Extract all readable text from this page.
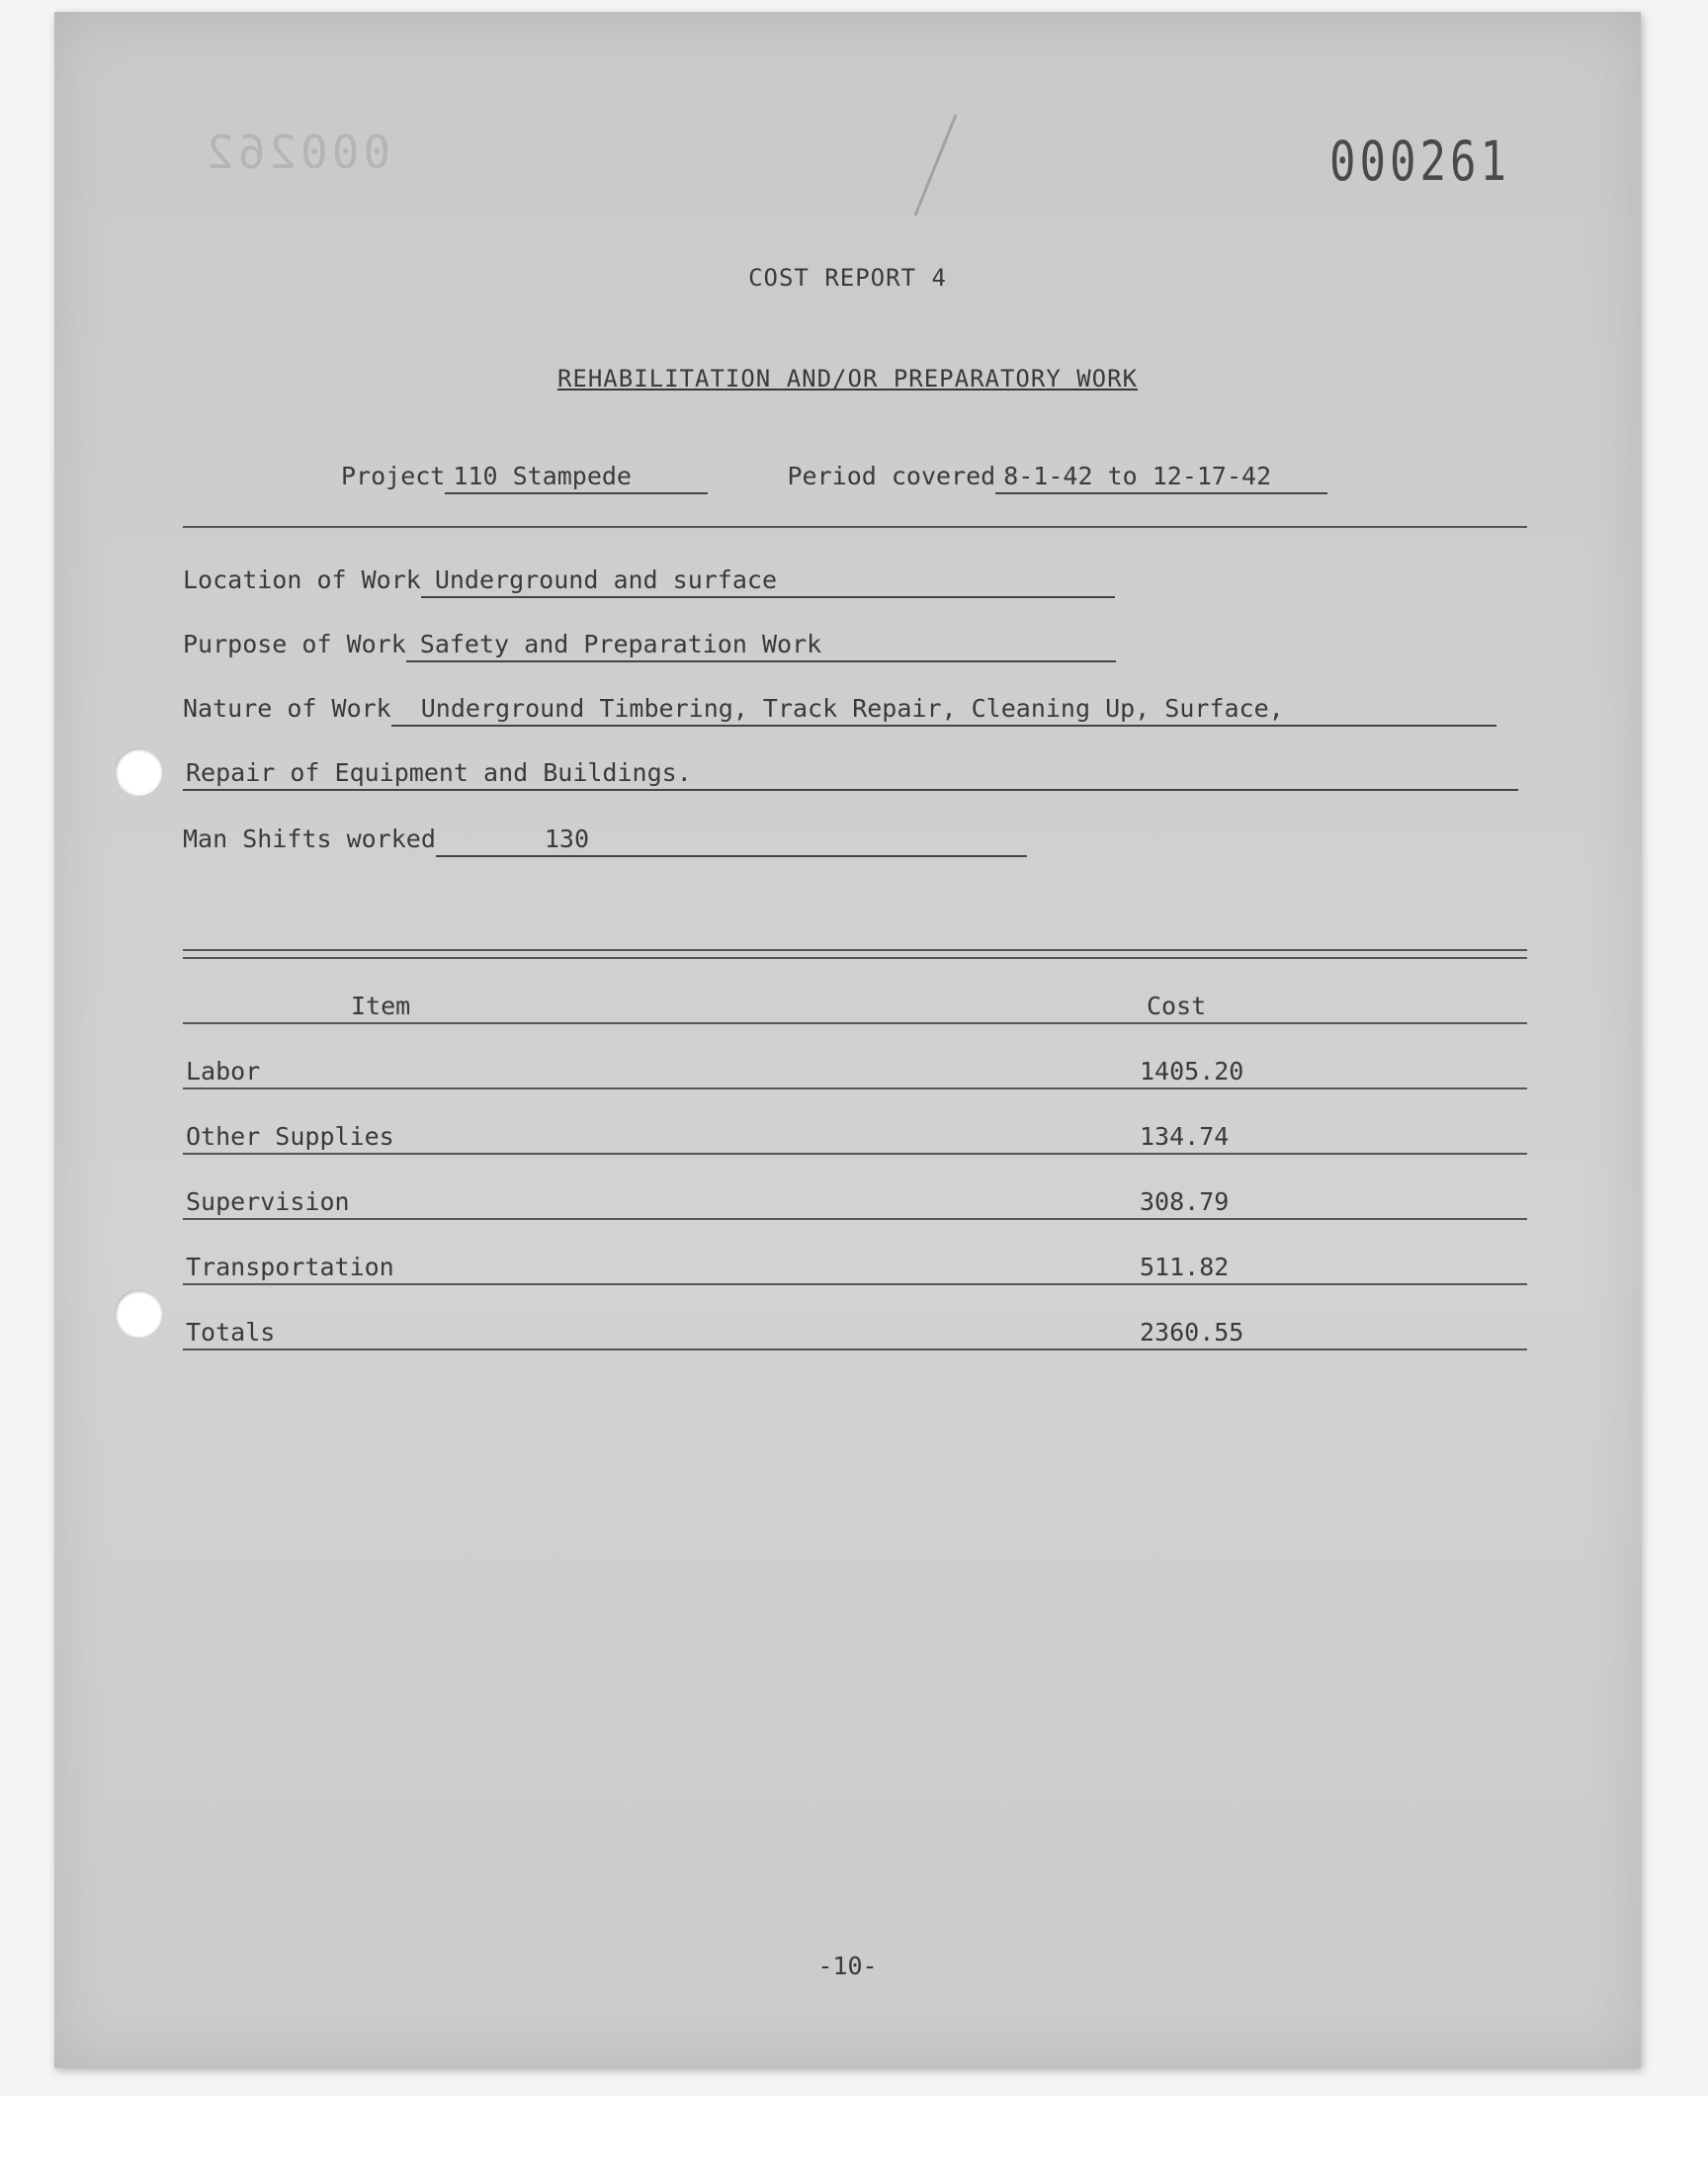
000262	000261
COST REPORT 4
REHABILITATION AND/OR PREPARATORY WORK
Project 110 Stampede	Period covered 8-1-42 to 12-17-42
Location of Work Underground and surface
Purpose of Work Safety and Preparation Work
Nature of Work Underground Timbering, Track Repair, Cleaning Up, Surface,
Repair of Equipment and Buildings.
Man Shifts worked	130
Item	Cost
Labor	1405.20
Other Supplies	134.74
Supervision	308.79
Transportation	511.82
Totals	2360.55
-10-
